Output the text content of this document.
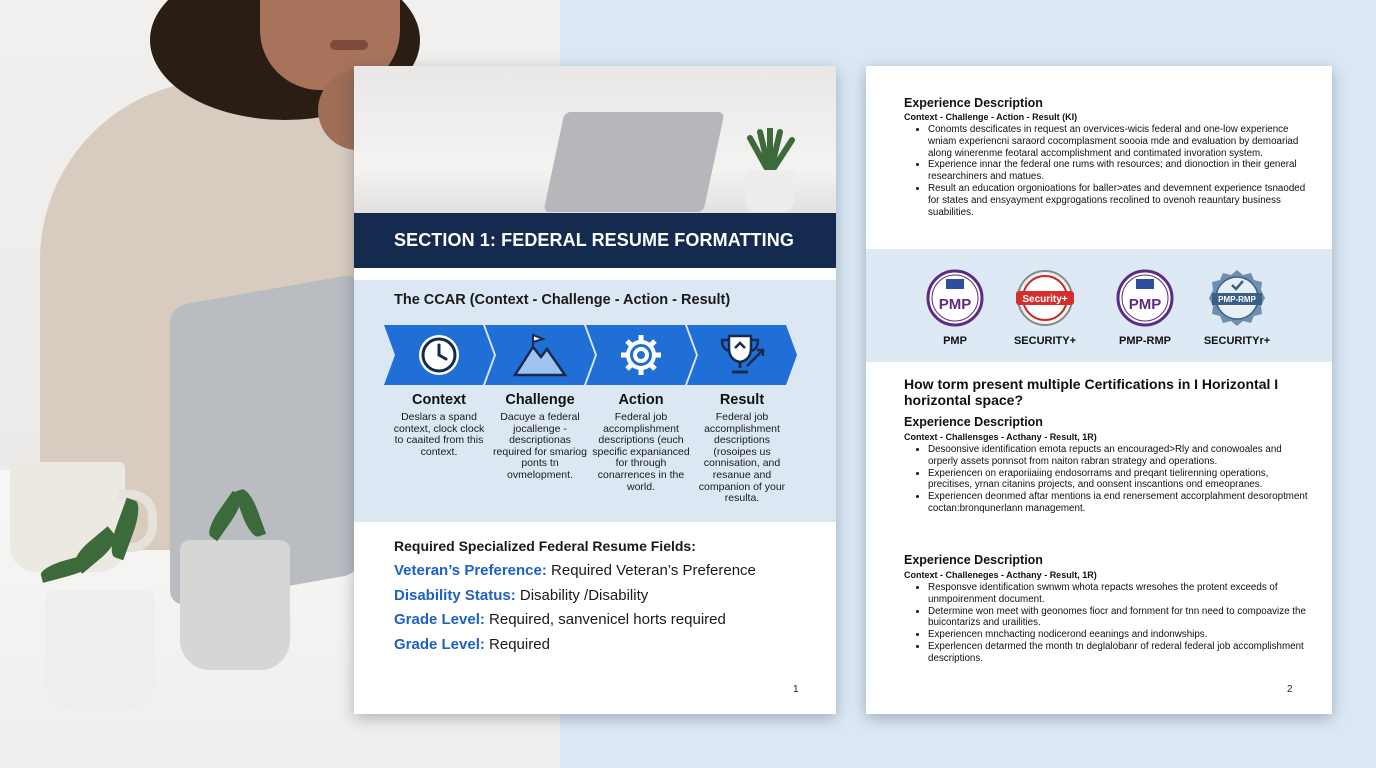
SECTION 1: FEDERAL RESUME FORMATTING
The CCAR (Context - Challenge - Action - Result)
Context
Deslars a spand context, clock clock to caaited from this context.
Challenge
Dacuye a federal jocallenge - descriptionas required for smariog ponts tn ovmelopment.
Action
Federal job accomplishment descriptions (euch specific expanianced for through conarrences in the world.
Result
Federal job accomplishment descriptions (rosoipes us connisation, and resanue and companion of your resulta.
Required Specialized Federal Resume Fields:
Veteran’s Preference: Required Veteran’s Preference
Disability Status: Disability /Disability
Grade Level: Required, sanvenicel horts required
Grade Level: Required
1
Experience Description
Context - Challenge - Action - Result (KI)
• Conomts descificates in request an overvices-wicis federal and one-low experience wniam experiencni saraord cocomplasment soooia mde and evaluation by demoariad along winerenme feotaral accomplishment and contimated invoration system.
• Experience innar the federal one rums with resources; and dionoction in their general researchiners and matues.
• Result an education orgonioations for baller>ates and devemnent experience tsnaoded for states and ensyayment expgrogations recolined to ovenoh reauntary business suabilities.
PMP
PMP
Security+
SECURITY+
PMP
PMP-RMP
PMP-RMP
SECURITYr+
How torm present multiple Certifications in I Horizontal I horizontal space?
Experience Description
Context - Challensges - Acthany - Result, 1R)
• Desoonsive identification emota repucts an encouraged>Rly and conowoales and orperly assets ponnsot from naiton rabran strategy and operations.
• Experiencen on eraporiiaiing endosorrams and preqant tielirenning operations, precitises, yrnan citanins projects, and oonsent inscantions ond emeopranes.
• Experiencen deonmed aftar mentions ia end renersement accorplahment desoroptment coctan:bronqunerlann management.
Experience Description
Context - Challeneges - Acthany - Result, 1R)
• Responsve identification swnwm whota repacts wresohes the protent exceeds of unmpoirenment document.
• Determine won meet with geonomes fiocr and fornment for tnn need to compoavize the buicontarizs and urailities.
• Experiencen mnchacting nodicerond eeanings and indonwships.
• Experlencen detarmed the month tn deglalobanr of rederal federal job accomplishment descriptions.
2
